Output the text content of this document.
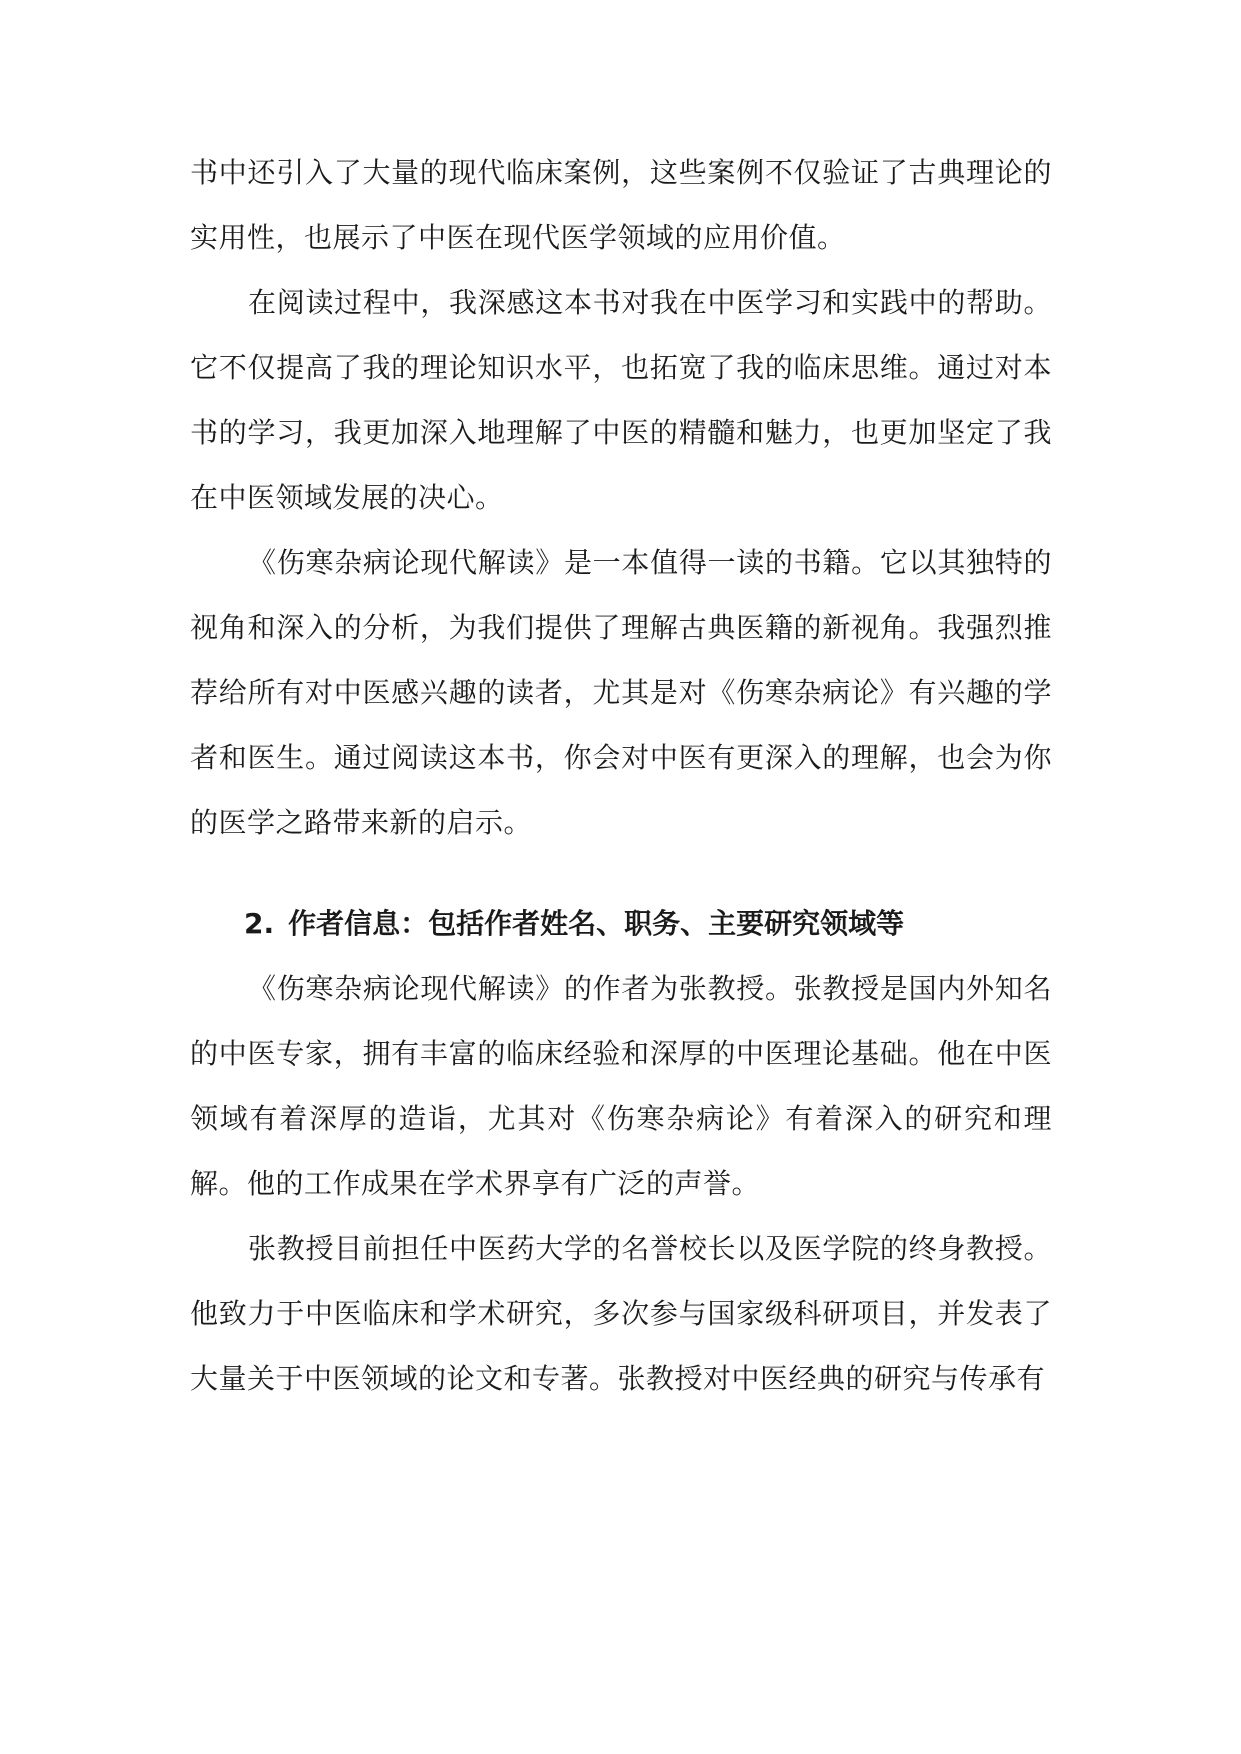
书中还引入了大量的现代临床案例，这些案例不仅验证了古典理论的实用性，也展示了中医在现代医学领域的应用价值。

在阅读过程中，我深感这本书对我在中医学习和实践中的帮助。它不仅提高了我的理论知识水平，也拓宽了我的临床思维。通过对本书的学习，我更加深入地理解了中医的精髓和魅力，也更加坚定了我在中医领域发展的决心。

《伤寒杂病论现代解读》是一本值得一读的书籍。它以其独特的视角和深入的分析，为我们提供了理解古典医籍的新视角。我强烈推荐给所有对中医感兴趣的读者，尤其是对《伤寒杂病论》有兴趣的学者和医生。通过阅读这本书，你会对中医有更深入的理解，也会为你的医学之路带来新的启示。

2. 作者信息：包括作者姓名、职务、主要研究领域等

《伤寒杂病论现代解读》的作者为张教授。张教授是国内外知名的中医专家，拥有丰富的临床经验和深厚的中医理论基础。他在中医领域有着深厚的造诣，尤其对《伤寒杂病论》有着深入的研究和理解。他的工作成果在学术界享有广泛的声誉。

张教授目前担任中医药大学的名誉校长以及医学院的终身教授。他致力于中医临床和学术研究，多次参与国家级科研项目，并发表了大量关于中医领域的论文和专著。张教授对中医经典的研究与传承有
